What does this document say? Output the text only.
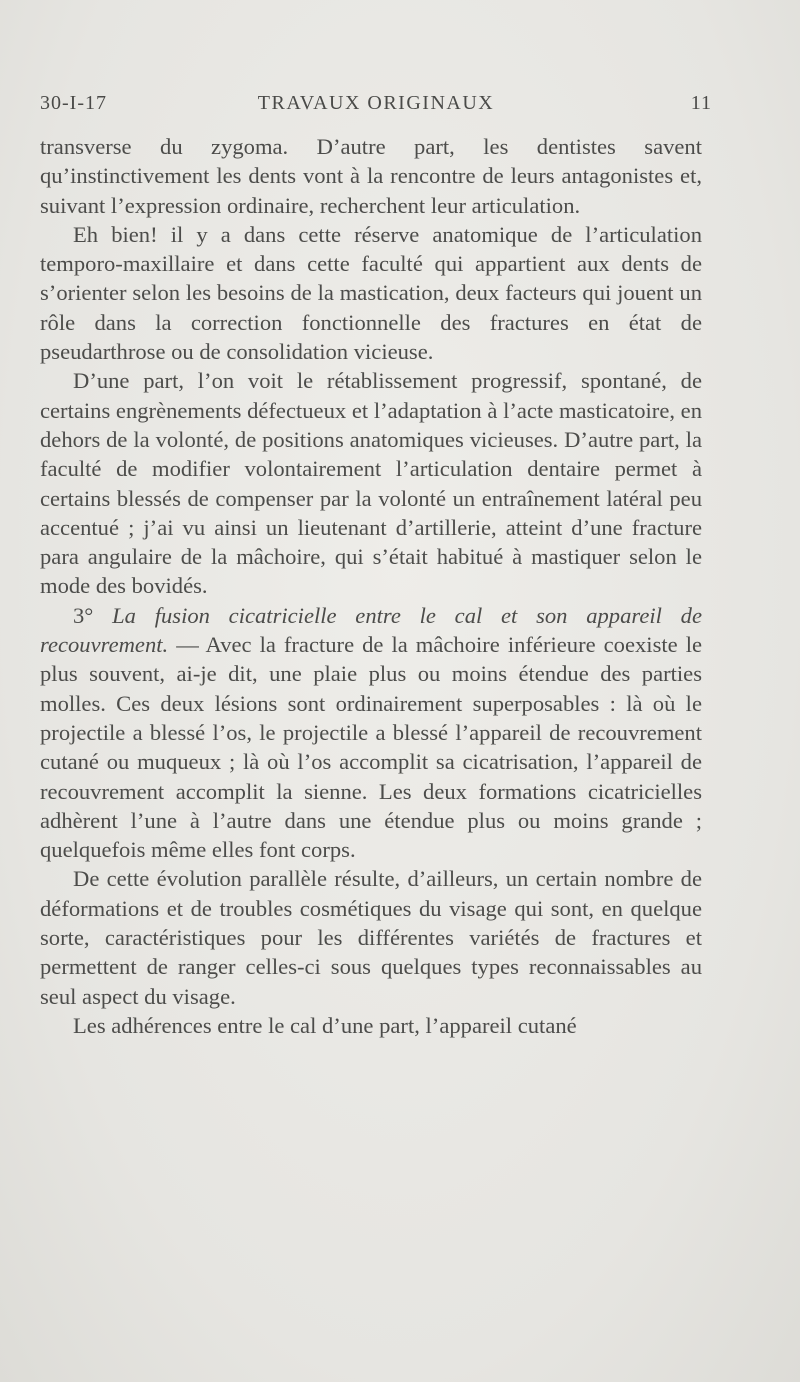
30-I-17	TRAVAUX ORIGINAUX	11

transverse du zygoma. D’autre part, les dentistes savent qu’instinctivement les dents vont à la rencontre de leurs antagonistes et, suivant l’expression ordinaire, recherchent leur articulation.

Eh bien! il y a dans cette réserve anatomique de l’articulation temporo-maxillaire et dans cette faculté qui appartient aux dents de s’orienter selon les besoins de la mastication, deux facteurs qui jouent un rôle dans la correction fonctionnelle des fractures en état de pseudarthrose ou de consolidation vicieuse.

D’une part, l’on voit le rétablissement progressif, spontané, de certains engrènements défectueux et l’adaptation à l’acte masticatoire, en dehors de la volonté, de positions anatomiques vicieuses. D’autre part, la faculté de modifier volontairement l’articulation dentaire permet à certains blessés de compenser par la volonté un entraînement latéral peu accentué ; j’ai vu ainsi un lieutenant d’artillerie, atteint d’une fracture para angulaire de la mâchoire, qui s’était habitué à mastiquer selon le mode des bovidés.

3° La fusion cicatricielle entre le cal et son appareil de recouvrement. — Avec la fracture de la mâchoire inférieure coexiste le plus souvent, ai-je dit, une plaie plus ou moins étendue des parties molles. Ces deux lésions sont ordinairement superposables : là où le projectile a blessé l’os, le projectile a blessé l’appareil de recouvrement cutané ou muqueux ; là où l’os accomplit sa cicatrisation, l’appareil de recouvrement accomplit la sienne. Les deux formations cicatricielles adhèrent l’une à l’autre dans une étendue plus ou moins grande ; quelquefois même elles font corps.

De cette évolution parallèle résulte, d’ailleurs, un certain nombre de déformations et de troubles cosmétiques du visage qui sont, en quelque sorte, caractéristiques pour les différentes variétés de fractures et permettent de ranger celles-ci sous quelques types reconnaissables au seul aspect du visage.

Les adhérences entre le cal d’une part, l’appareil cutané
